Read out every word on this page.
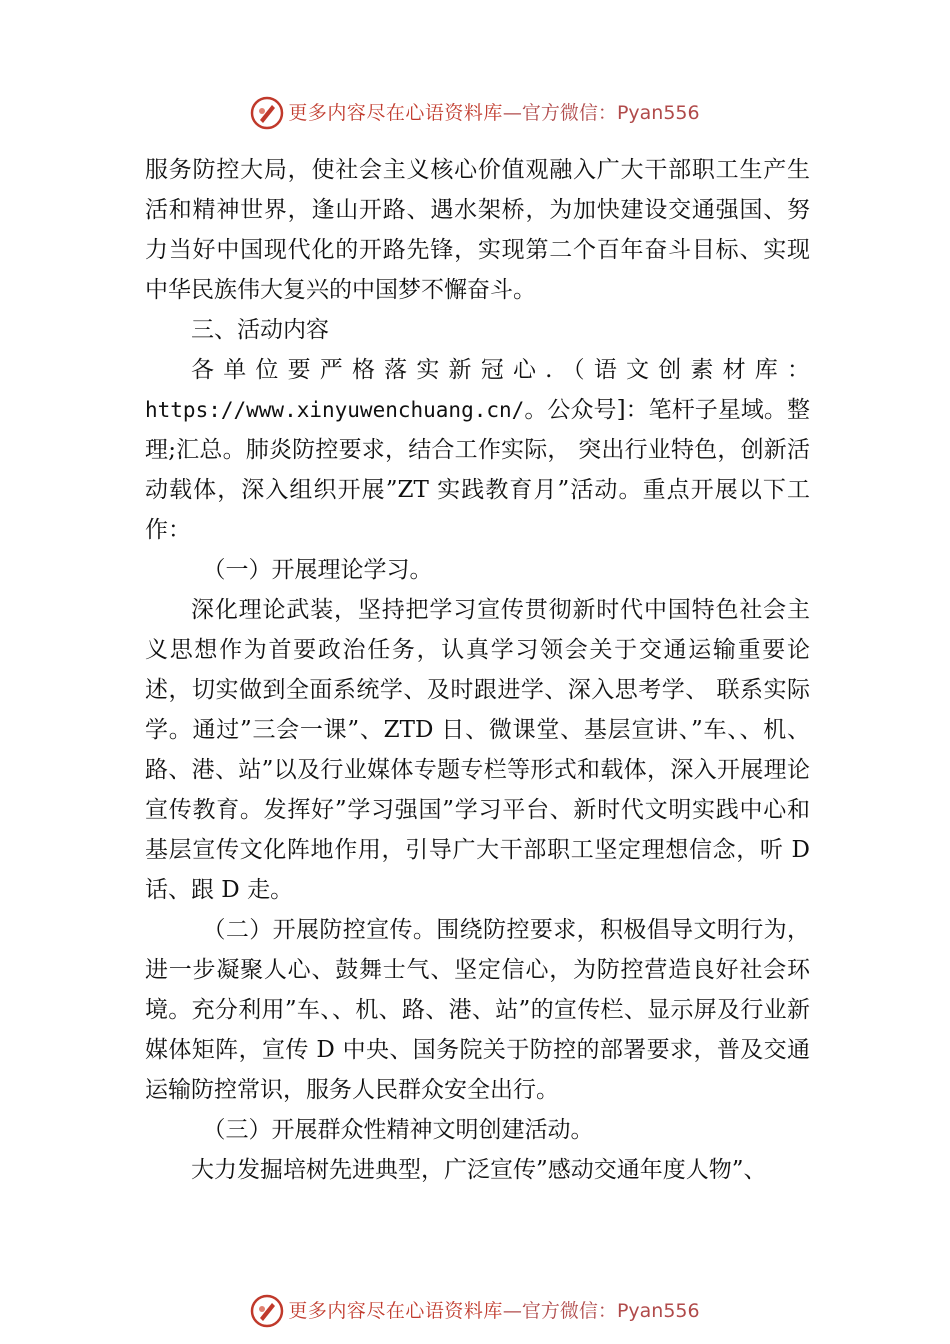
更多内容尽在心语资料库 — 官方微信： Pyan556

服务防控大局，使社会主义核心价值观融入广大干部职工生产生活和精神世界，逢山开路、遇水架桥，为加快建设交通强国、努力当好中国现代化的开路先锋，实现第二个百年奋斗目标、实现中华民族伟大复兴的中国梦不懈奋斗。

三、活动内容

各单位要严格落实新冠心.（语文创素材库：https://www.xinyuwenchuang.cn/。公众号]：笔杆子星域。整理;汇总。肺炎防控要求，结合工作实际， 突出行业特色，创新活动载体，深入组织开展”ZT 实践教育月”活动。重点开展以下工作：

（一）开展理论学习。

深化理论武装，坚持把学习宣传贯彻新时代中国特色社会主义思想作为首要政治任务，认真学习领会关于交通运输重要论述，切实做到全面系统学、及时跟进学、深入思考学、 联系实际学。通过”三会一课”、ZTD 日、微课堂、基层宣讲、”车、、机、路、港、站”以及行业媒体专题专栏等形式和载体，深入开展理论宣传教育。发挥好”学习强国”学习平台、新时代文明实践中心和基层宣传文化阵地作用，引导广大干部职工坚定理想信念，听 D 话、跟 D 走。

（二）开展防控宣传。围绕防控要求，积极倡导文明行为，进一步凝聚人心、鼓舞士气、坚定信心，为防控营造良好社会环境。充分利用”车、、机、路、港、站”的宣传栏、显示屏及行业新媒体矩阵，宣传 D 中央、国务院关于防控的部署要求，普及交通运输防控常识，服务人民群众安全出行。

（三）开展群众性精神文明创建活动。

大力发掘培树先进典型，广泛宣传”感动交通年度人物”、

更多内容尽在心语资料库 — 官方微信： Pyan556
